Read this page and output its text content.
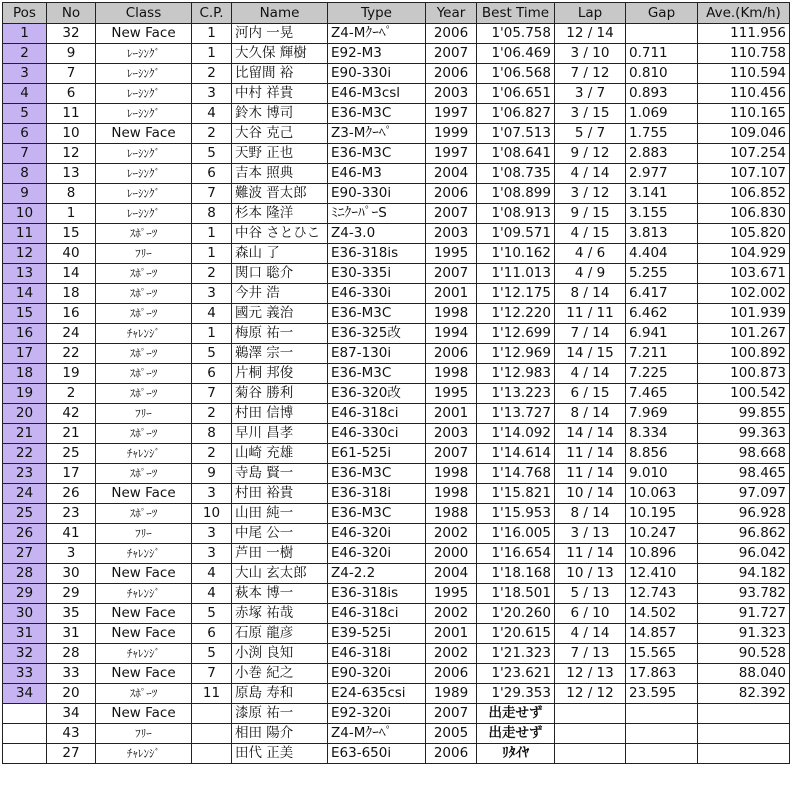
Pos	No	Class	C.P.	Name	Type	Year	Best Time	Lap	Gap	Ave.(Km/h)
1	32	New Face	1	河内 一晃	Z4-Mｸｰﾍﾟ	2006	1'05.758	12 / 14		111.956
2	9	ﾚｰｼﾝｸﾞ	1	大久保 輝樹	E92-M3	2007	1'06.469	3 / 10	0.711	110.758
3	7	ﾚｰｼﾝｸﾞ	2	比留間 裕	E90-330i	2006	1'06.568	7 / 12	0.810	110.594
4	6	ﾚｰｼﾝｸﾞ	3	中村 祥貴	E46-M3csl	2003	1'06.651	3 / 7	0.893	110.456
5	11	ﾚｰｼﾝｸﾞ	4	鈴木 博司	E36-M3C	1997	1'06.827	3 / 15	1.069	110.165
6	10	New Face	2	大谷 克己	Z3-Mｸｰﾍﾟ	1999	1'07.513	5 / 7	1.755	109.046
7	12	ﾚｰｼﾝｸﾞ	5	天野 正也	E36-M3C	1997	1'08.641	9 / 12	2.883	107.254
8	13	ﾚｰｼﾝｸﾞ	6	吉本 照典	E46-M3	2004	1'08.735	4 / 14	2.977	107.107
9	8	ﾚｰｼﾝｸﾞ	7	難波 晋太郎	E90-330i	2006	1'08.899	3 / 12	3.141	106.852
10	1	ﾚｰｼﾝｸﾞ	8	杉本 隆洋	ﾐﾆｸｰﾊﾟｰS	2007	1'08.913	9 / 15	3.155	106.830
11	15	ｽﾎﾟｰﾂ	1	中谷 さとひこ	Z4-3.0	2003	1'09.571	4 / 15	3.813	105.820
12	40	ﾌﾘｰ	1	森山 了	E36-318is	1995	1'10.162	4 / 6	4.404	104.929
13	14	ｽﾎﾟｰﾂ	2	関口 聡介	E30-335i	2007	1'11.013	4 / 9	5.255	103.671
14	18	ｽﾎﾟｰﾂ	3	今井 浩	E46-330i	2001	1'12.175	8 / 14	6.417	102.002
15	16	ｽﾎﾟｰﾂ	4	國元 義治	E36-M3C	1998	1'12.220	11 / 11	6.462	101.939
16	24	ﾁｬﾚﾝｼﾞ	1	梅原 祐一	E36-325改	1994	1'12.699	7 / 14	6.941	101.267
17	22	ｽﾎﾟｰﾂ	5	鵜澤 宗一	E87-130i	2006	1'12.969	14 / 15	7.211	100.892
18	19	ｽﾎﾟｰﾂ	6	片桐 邦俊	E36-M3C	1998	1'12.983	4 / 14	7.225	100.873
19	2	ｽﾎﾟｰﾂ	7	菊谷 勝利	E36-320改	1995	1'13.223	6 / 15	7.465	100.542
20	42	ﾌﾘｰ	2	村田 信博	E46-318ci	2001	1'13.727	8 / 14	7.969	99.855
21	21	ｽﾎﾟｰﾂ	8	早川 昌孝	E46-330ci	2003	1'14.092	14 / 14	8.334	99.363
22	25	ﾁｬﾚﾝｼﾞ	2	山崎 充雄	E61-525i	2007	1'14.614	11 / 14	8.856	98.668
23	17	ｽﾎﾟｰﾂ	9	寺島 賢一	E36-M3C	1998	1'14.768	11 / 14	9.010	98.465
24	26	New Face	3	村田 裕貴	E36-318i	1998	1'15.821	10 / 14	10.063	97.097
25	23	ｽﾎﾟｰﾂ	10	山田 純一	E36-M3C	1988	1'15.953	8 / 14	10.195	96.928
26	41	ﾌﾘｰ	3	中尾 公一	E46-320i	2002	1'16.005	3 / 13	10.247	96.862
27	3	ﾁｬﾚﾝｼﾞ	3	芦田 一樹	E46-320i	2000	1'16.654	11 / 14	10.896	96.042
28	30	New Face	4	大山 玄太郎	Z4-2.2	2004	1'18.168	10 / 13	12.410	94.182
29	29	ﾁｬﾚﾝｼﾞ	4	萩本 博一	E36-318is	1995	1'18.501	5 / 13	12.743	93.782
30	35	New Face	5	赤塚 祐哉	E46-318ci	2002	1'20.260	6 / 10	14.502	91.727
31	31	New Face	6	石原 龍彦	E39-525i	2001	1'20.615	4 / 14	14.857	91.323
32	28	ﾁｬﾚﾝｼﾞ	5	小渕 良知	E46-318i	2002	1'21.323	7 / 13	15.565	90.528
33	33	New Face	7	小巻 紀之	E90-320i	2006	1'23.621	12 / 13	17.863	88.040
34	20	ｽﾎﾟｰﾂ	11	原島 寿和	E24-635csi	1989	1'29.353	12 / 12	23.595	82.392
	34	New Face		漆原 祐一	E92-320i	2007	出走せず			
	43	ﾌﾘｰ		相田 陽介	Z4-Mｸｰﾍﾟ	2005	出走せず			
	27	ﾁｬﾚﾝｼﾞ		田代 正美	E63-650i	2006	ﾘﾀｲﾔ			
